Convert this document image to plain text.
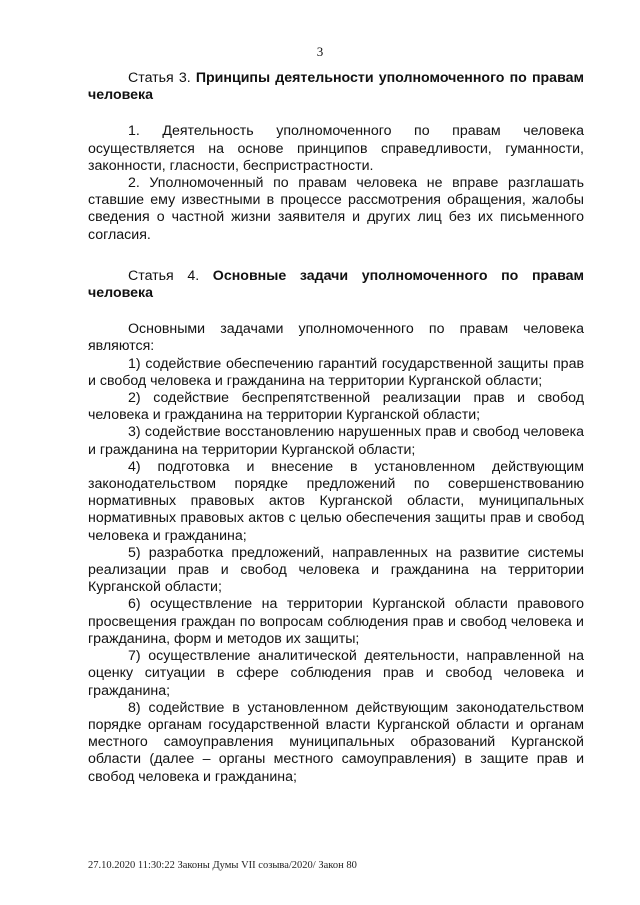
3

Статья 3. Принципы деятельности уполномоченного по правам человека

1. Деятельность уполномоченного по правам человека осуществляется на основе принципов справедливости, гуманности, законности, гласности, беспристрастности.

2. Уполномоченный по правам человека не вправе разглашать ставшие ему известными в процессе рассмотрения обращения, жалобы сведения о частной жизни заявителя и других лиц без их письменного согласия.

Статья 4. Основные задачи уполномоченного по правам человека

Основными задачами уполномоченного по правам человека являются:

1) содействие обеспечению гарантий государственной защиты прав и свобод человека и гражданина на территории Курганской области;

2) содействие беспрепятственной реализации прав и свобод человека и гражданина на территории Курганской области;

3) содействие восстановлению нарушенных прав и свобод человека и гражданина на территории Курганской области;

4) подготовка и внесение в установленном действующим законодательством порядке предложений по совершенствованию нормативных правовых актов Курганской области, муниципальных нормативных правовых актов с целью обеспечения защиты прав и свобод человека и гражданина;

5) разработка предложений, направленных на развитие системы реализации прав и свобод человека и гражданина на территории Курганской области;

6) осуществление на территории Курганской области правового просвещения граждан по вопросам соблюдения прав и свобод человека и гражданина, форм и методов их защиты;

7) осуществление аналитической деятельности, направленной на оценку ситуации в сфере соблюдения прав и свобод человека и гражданина;

8) содействие в установленном действующим законодательством порядке органам государственной власти Курганской области и органам местного самоуправления муниципальных образований Курганской области (далее – органы местного самоуправления) в защите прав и свобод человека и гражданина;

27.10.2020 11:30:22 Законы Думы VII созыва/2020/ Закон 80
